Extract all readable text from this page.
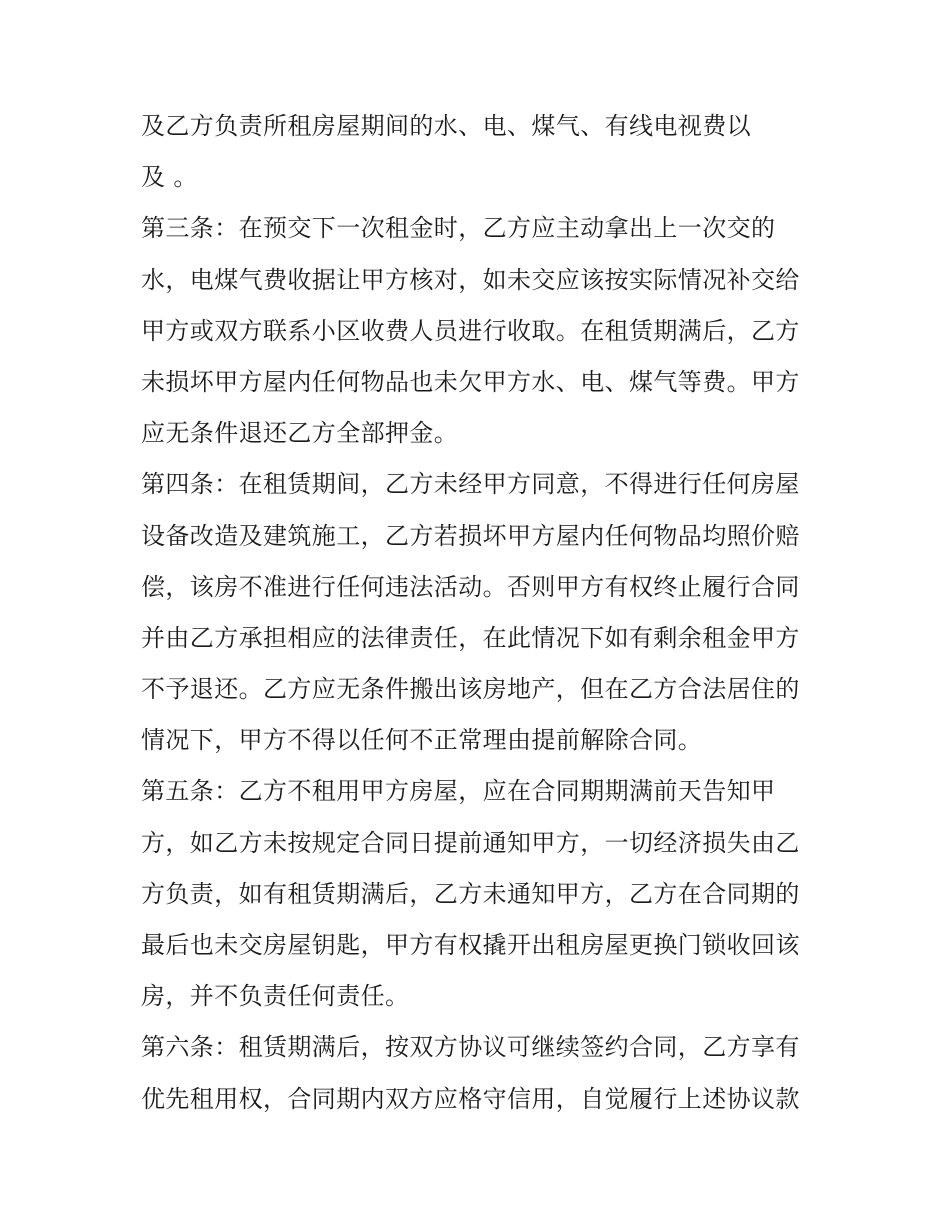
及乙方负责所租房屋期间的水、电、煤气、有线电视费以
及 。
第三条：在预交下一次租金时，乙方应主动拿出上一次交的
水，电煤气费收据让甲方核对，如未交应该按实际情况补交给
甲方或双方联系小区收费人员进行收取。在租赁期满后，乙方
未损坏甲方屋内任何物品也未欠甲方水、电、煤气等费。甲方
应无条件退还乙方全部押金。
第四条：在租赁期间，乙方未经甲方同意，不得进行任何房屋
设备改造及建筑施工，乙方若损坏甲方屋内任何物品均照价赔
偿，该房不准进行任何违法活动。否则甲方有权终止履行合同
并由乙方承担相应的法律责任，在此情况下如有剩余租金甲方
不予退还。乙方应无条件搬出该房地产，但在乙方合法居住的
情况下，甲方不得以任何不正常理由提前解除合同。
第五条：乙方不租用甲方房屋，应在合同期期满前天告知甲
方，如乙方未按规定合同日提前通知甲方，一切经济损失由乙
方负责，如有租赁期满后，乙方未通知甲方，乙方在合同期的
最后也未交房屋钥匙，甲方有权撬开出租房屋更换门锁收回该
房，并不负责任何责任。
第六条：租赁期满后，按双方协议可继续签约合同，乙方享有
优先租用权，合同期内双方应格守信用，自觉履行上述协议款
